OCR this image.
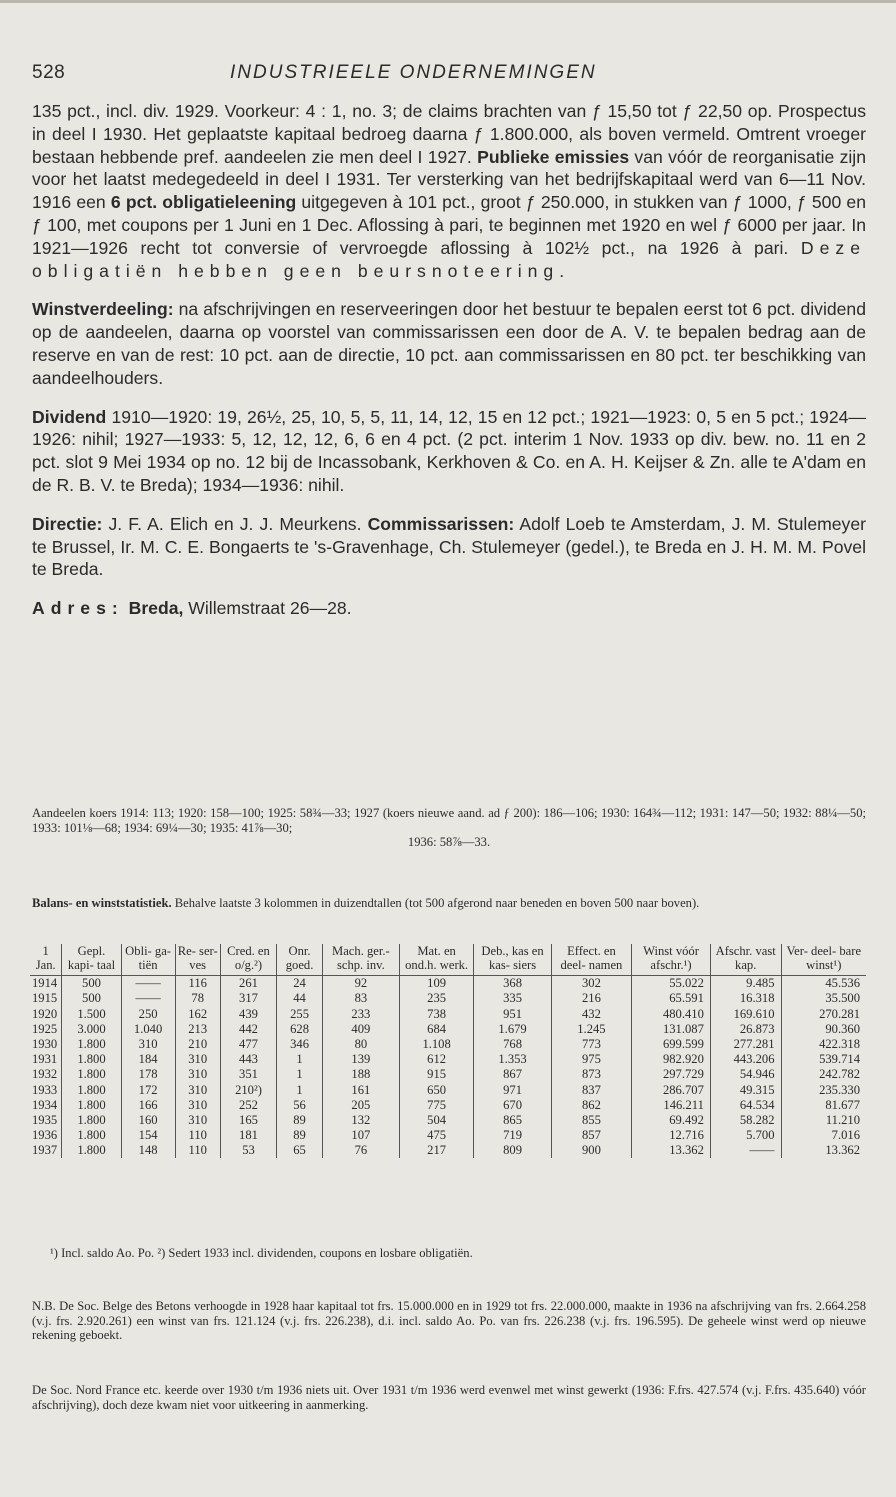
528	INDUSTRIEELE ONDERNEMINGEN

135 pct., incl. div. 1929. Voorkeur: 4 : 1, no. 3; de claims brachten van ƒ 15,50 tot ƒ 22,50 op. Prospectus in deel I 1930. Het geplaatste kapitaal bedroeg daarna ƒ 1.800.000, als boven vermeld. Omtrent vroeger bestaan hebbende pref. aandeelen zie men deel I 1927. Publieke emissies van vóór de reorganisatie zijn voor het laatst medegedeeld in deel I 1931. Ter versterking van het bedrijfskapitaal werd van 6—11 Nov. 1916 een 6 pct. obligatieleening uitgegeven à 101 pct., groot ƒ 250.000, in stukken van ƒ 1000, ƒ 500 en ƒ 100, met coupons per 1 Juni en 1 Dec. Aflossing à pari, te beginnen met 1920 en wel ƒ 6000 per jaar. In 1921—1926 recht tot conversie of vervroegde aflossing à 102½ pct., na 1926 à pari. Deze obligatiën hebben geen beursnoteering.

Winstverdeeling: na afschrijvingen en reserveeringen door het bestuur te bepalen eerst tot 6 pct. dividend op de aandeelen, daarna op voorstel van commissarissen een door de A. V. te bepalen bedrag aan de reserve en van de rest: 10 pct. aan de directie, 10 pct. aan commissarissen en 80 pct. ter beschikking van aandeelhouders.

Dividend 1910—1920: 19, 26½, 25, 10, 5, 5, 11, 14, 12, 15 en 12 pct.; 1921—1923: 0, 5 en 5 pct.; 1924—1926: nihil; 1927—1933: 5, 12, 12, 12, 6, 6 en 4 pct. (2 pct. interim 1 Nov. 1933 op div. bew. no. 11 en 2 pct. slot 9 Mei 1934 op no. 12 bij de Incassobank, Kerkhoven & Co. en A. H. Keijser & Zn. alle te A'dam en de R. B. V. te Breda); 1934—1936: nihil.

Directie: J. F. A. Elich en J. J. Meurkens. Commissarissen: Adolf Loeb te Amsterdam, J. M. Stulemeyer te Brussel, Ir. M. C. E. Bongaerts te 's-Gravenhage, Ch. Stulemeyer (gedel.), te Breda en J. H. M. M. Povel te Breda.

Adres: Breda, Willemstraat 26—28.

Aandeelen koers 1914: 113; 1920: 158—100; 1925: 58¾—33; 1927 (koers nieuwe aand. ad ƒ 200): 186—106; 1930: 164¾—112; 1931: 147—50; 1932: 88¼—50; 1933: 101⅛—68; 1934: 69¼—30; 1935: 41⅞—30;
1936: 58⅞—33.
Balans- en winststatistiek. Behalve laatste 3 kolommen in duizendtallen (tot 500 afgerond naar beneden en boven 500 naar boven).
1 Jan.	Gepl. kapi- taal	Obli- ga- tiën	Re- ser- ves	Cred. en o/g.²)	Onr. goed.	Mach. ger.- schp. inv.	Mat. en ond.h. werk.	Deb., kas en kas- siers	Effect. en deel- namen	Winst vóór afschr.¹)	Afschr. vast kap.	Ver- deel- bare winst¹)
1914	500	——	116	261	24	92	109	368	302	55.022	9.485	45.536
1915	500	——	78	317	44	83	235	335	216	65.591	16.318	35.500
1920	1.500	250	162	439	255	233	738	951	432	480.410	169.610	270.281
1925	3.000	1.040	213	442	628	409	684	1.679	1.245	131.087	26.873	90.360
1930	1.800	310	210	477	346	80	1.108	768	773	699.599	277.281	422.318
1931	1.800	184	310	443	1	139	612	1.353	975	982.920	443.206	539.714
1932	1.800	178	310	351	1	188	915	867	873	297.729	54.946	242.782
1933	1.800	172	310	210²)	1	161	650	971	837	286.707	49.315	235.330
1934	1.800	166	310	252	56	205	775	670	862	146.211	64.534	81.677
1935	1.800	160	310	165	89	132	504	865	855	69.492	58.282	11.210
1936	1.800	154	110	181	89	107	475	719	857	12.716	5.700	7.016
1937	1.800	148	110	53	65	76	217	809	900	13.362	——	13.362
¹) Incl. saldo Ao. Po. ²) Sedert 1933 incl. dividenden, coupons en losbare obligatiën.
N.B. De Soc. Belge des Betons verhoogde in 1928 haar kapitaal tot frs. 15.000.000 en in 1929 tot frs. 22.000.000, maakte in 1936 na afschrijving van frs. 2.664.258 (v.j. frs. 2.920.261) een winst van frs. 121.124 (v.j. frs. 226.238), d.i. incl. saldo Ao. Po. van frs. 226.238 (v.j. frs. 196.595). De geheele winst werd op nieuwe rekening geboekt.
De Soc. Nord France etc. keerde over 1930 t/m 1936 niets uit. Over 1931 t/m 1936 werd evenwel met winst gewerkt (1936: F.frs. 427.574 (v.j. F.frs. 435.640) vóór afschrijving), doch deze kwam niet voor uitkeering in aanmerking.
